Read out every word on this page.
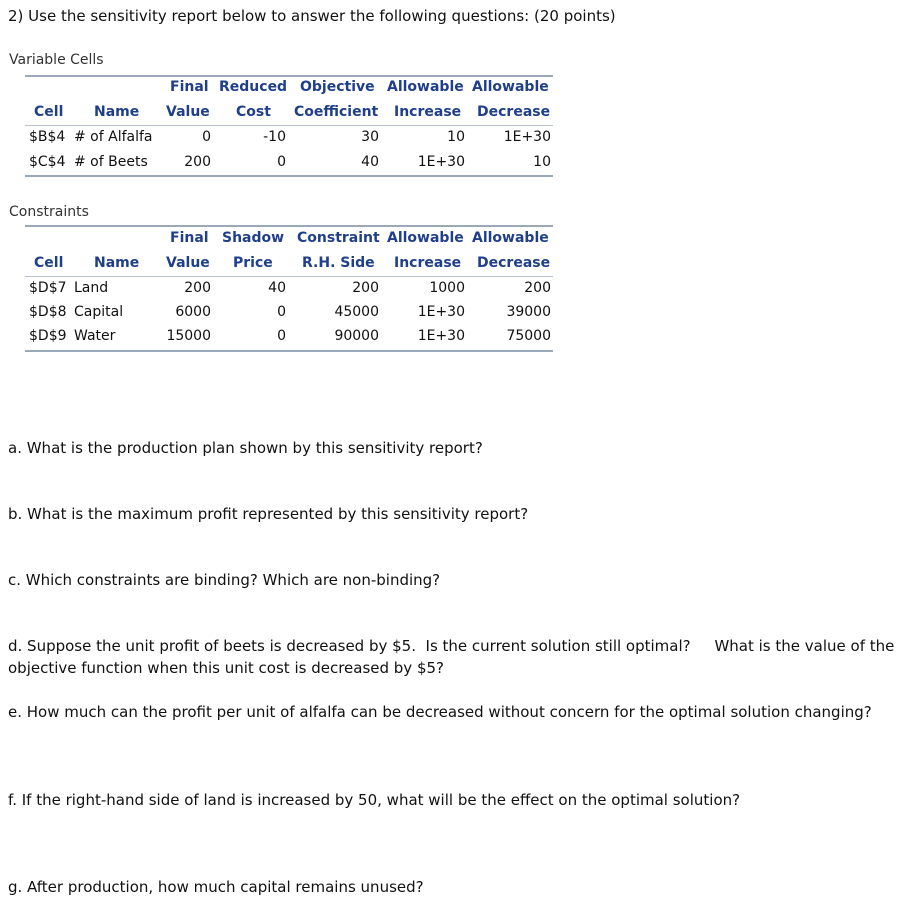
2) Use the sensitivity report below to answer the following questions: (20 points)
Variable Cells
Final Reduced Objective Allowable Allowable
Cell Name Value Cost Coefficient Increase Decrease
$B$4 # of Alfalfa	0	-10	30	10	1E+30
$C$4 # of Beets	200	0	40	1E+30	10
Constraints
Final Shadow Constraint Allowable Allowable
Cell Name Value Price R.H. Side Increase Decrease
$D$7 Land	200	40	200	1000	200
$D$8 Capital	6000	0	45000	1E+30	39000
$D$9 Water	15000	0	90000	1E+30	75000
a. What is the production plan shown by this sensitivity report?
b. What is the maximum profit represented by this sensitivity report?
c. Which constraints are binding? Which are non-binding?
d. Suppose the unit profit of beets is decreased by $5.  Is the current solution still optimal?     What is the value of the
objective function when this unit cost is decreased by $5?
e. How much can the profit per unit of alfalfa can be decreased without concern for the optimal solution changing?
f. If the right-hand side of land is increased by 50, what will be the effect on the optimal solution?
g. After production, how much capital remains unused?
